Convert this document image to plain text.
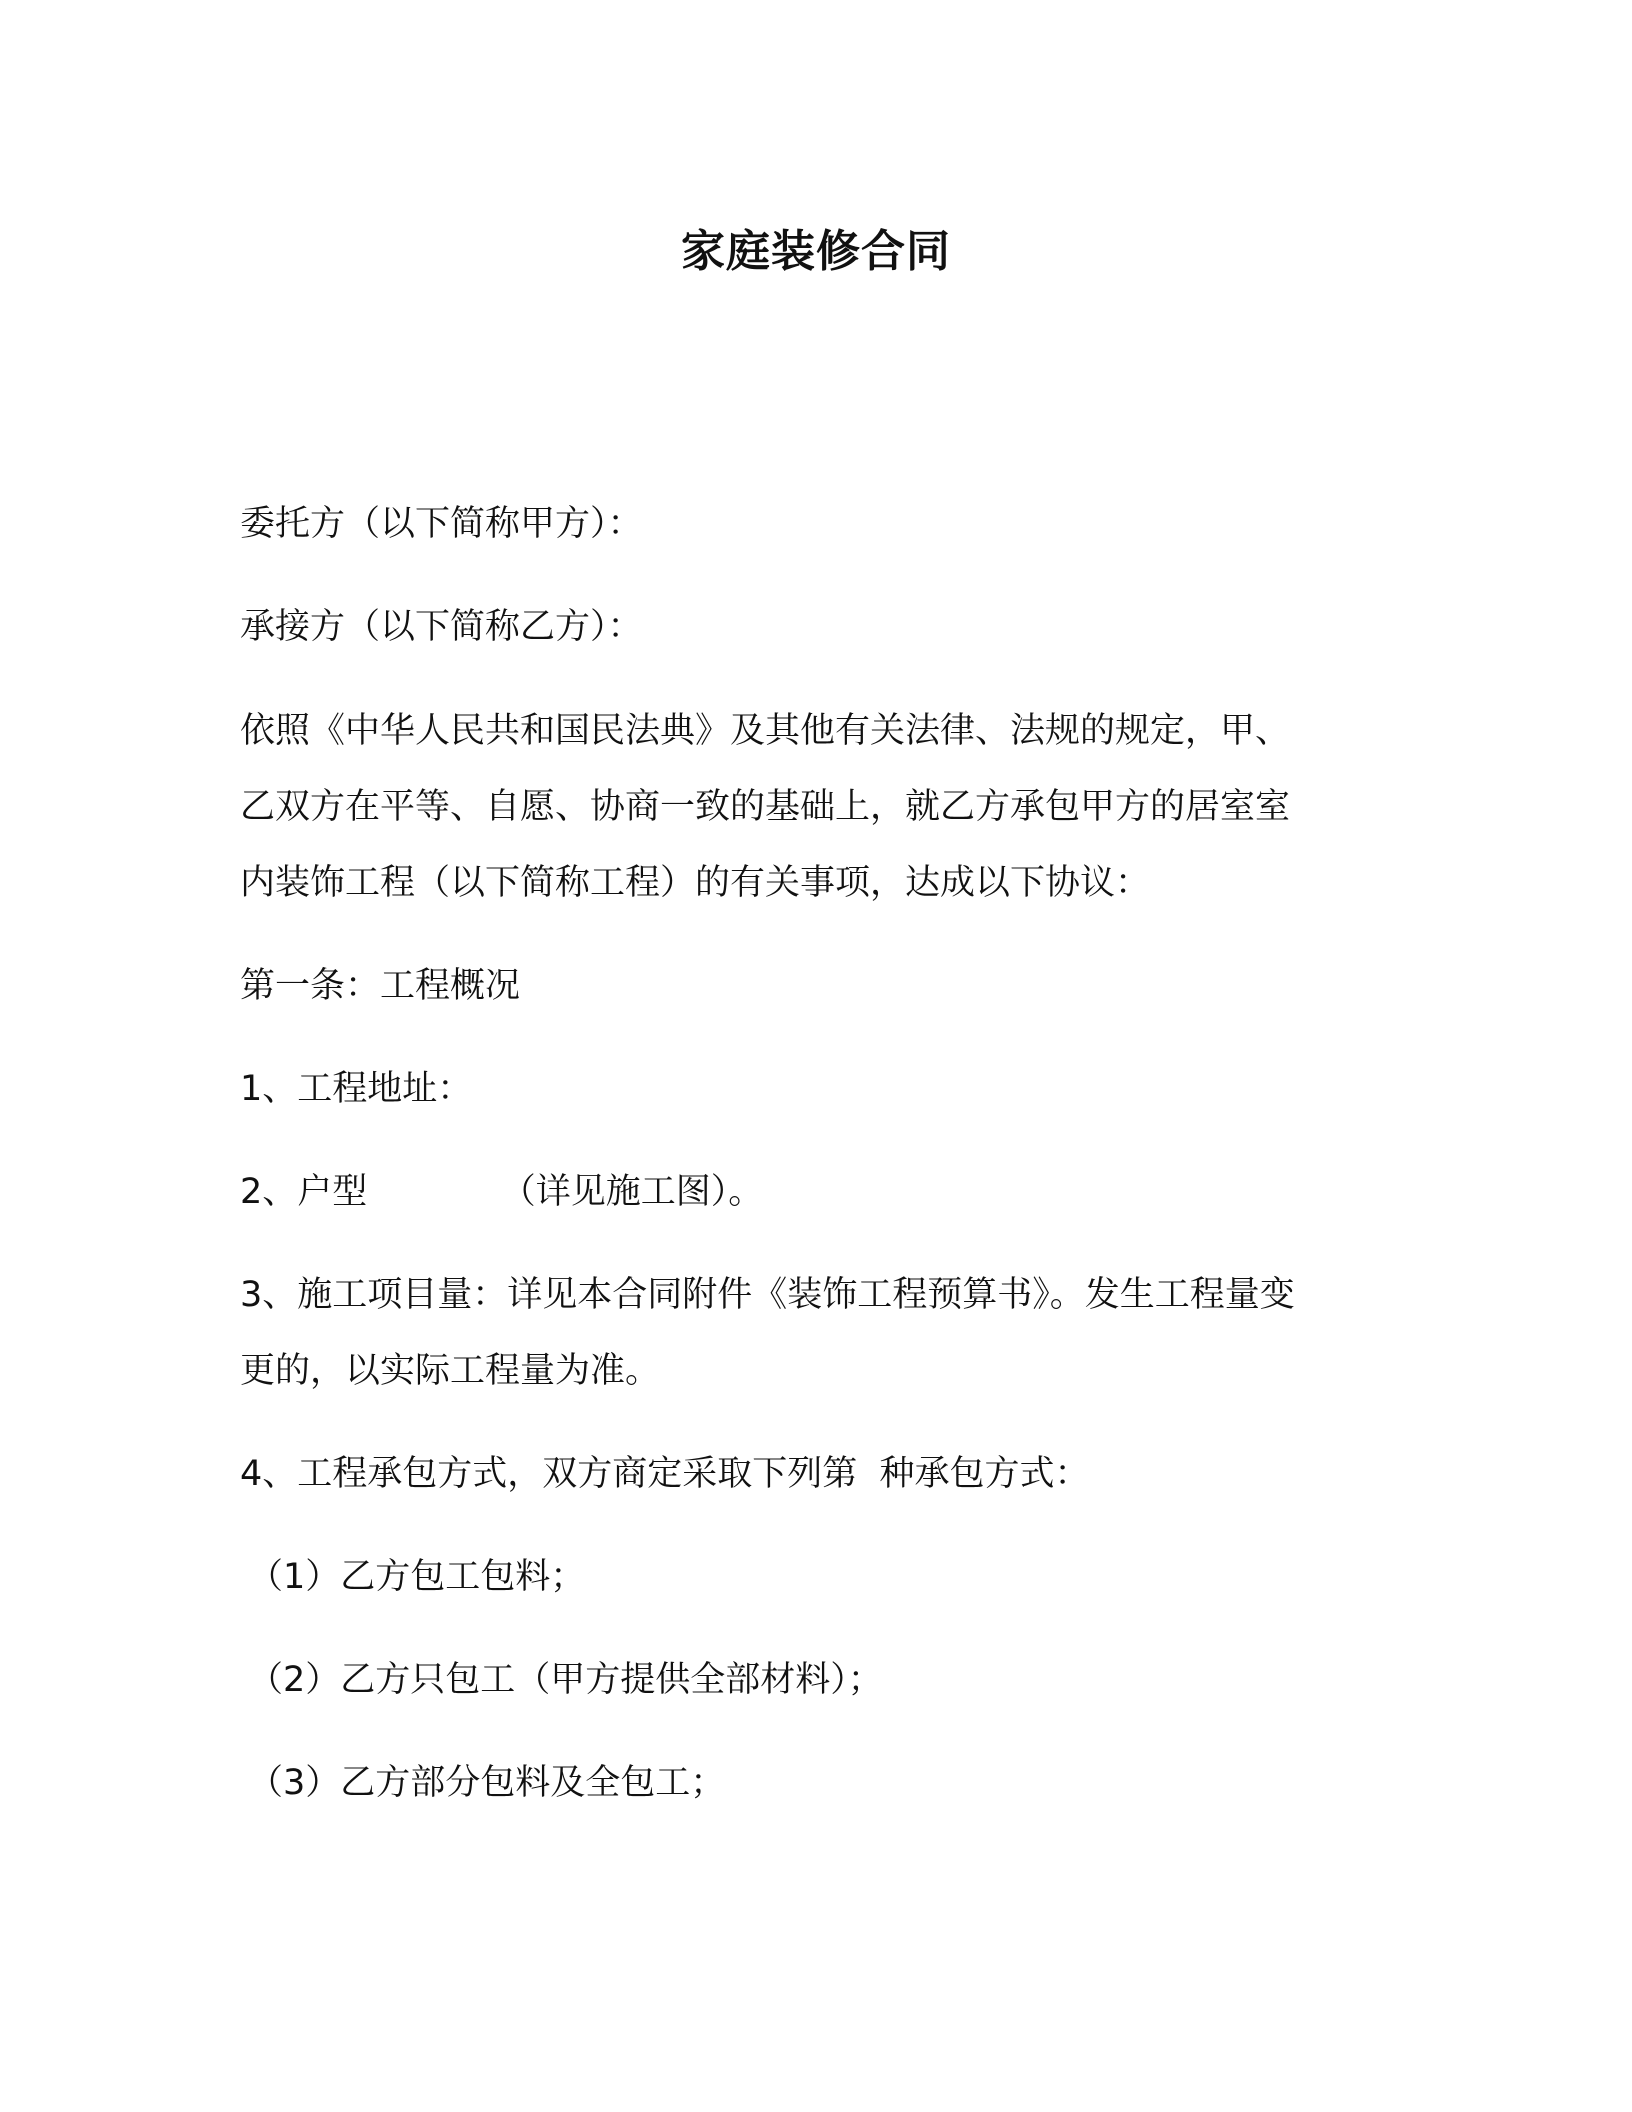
家庭装修合同
委托方（以下简称甲方）：
承接方（以下简称乙方）：
依照《中华人民共和国民法典》及其他有关法律、法规的规定，甲、
乙双方在平等、自愿、协商一致的基础上，就乙方承包甲方的居室室
内装饰工程（以下简称工程）的有关事项，达成以下协议：
第一条：工程概况
1、工程地址：
2、户型            （详见施工图）。
3、施工项目量：详见本合同附件《装饰工程预算书》。发生工程量变
更的，以实际工程量为准。
4、工程承包方式，双方商定采取下列第  种承包方式：
（1）乙方包工包料；
（2）乙方只包工（甲方提供全部材料）；
（3）乙方部分包料及全包工；
